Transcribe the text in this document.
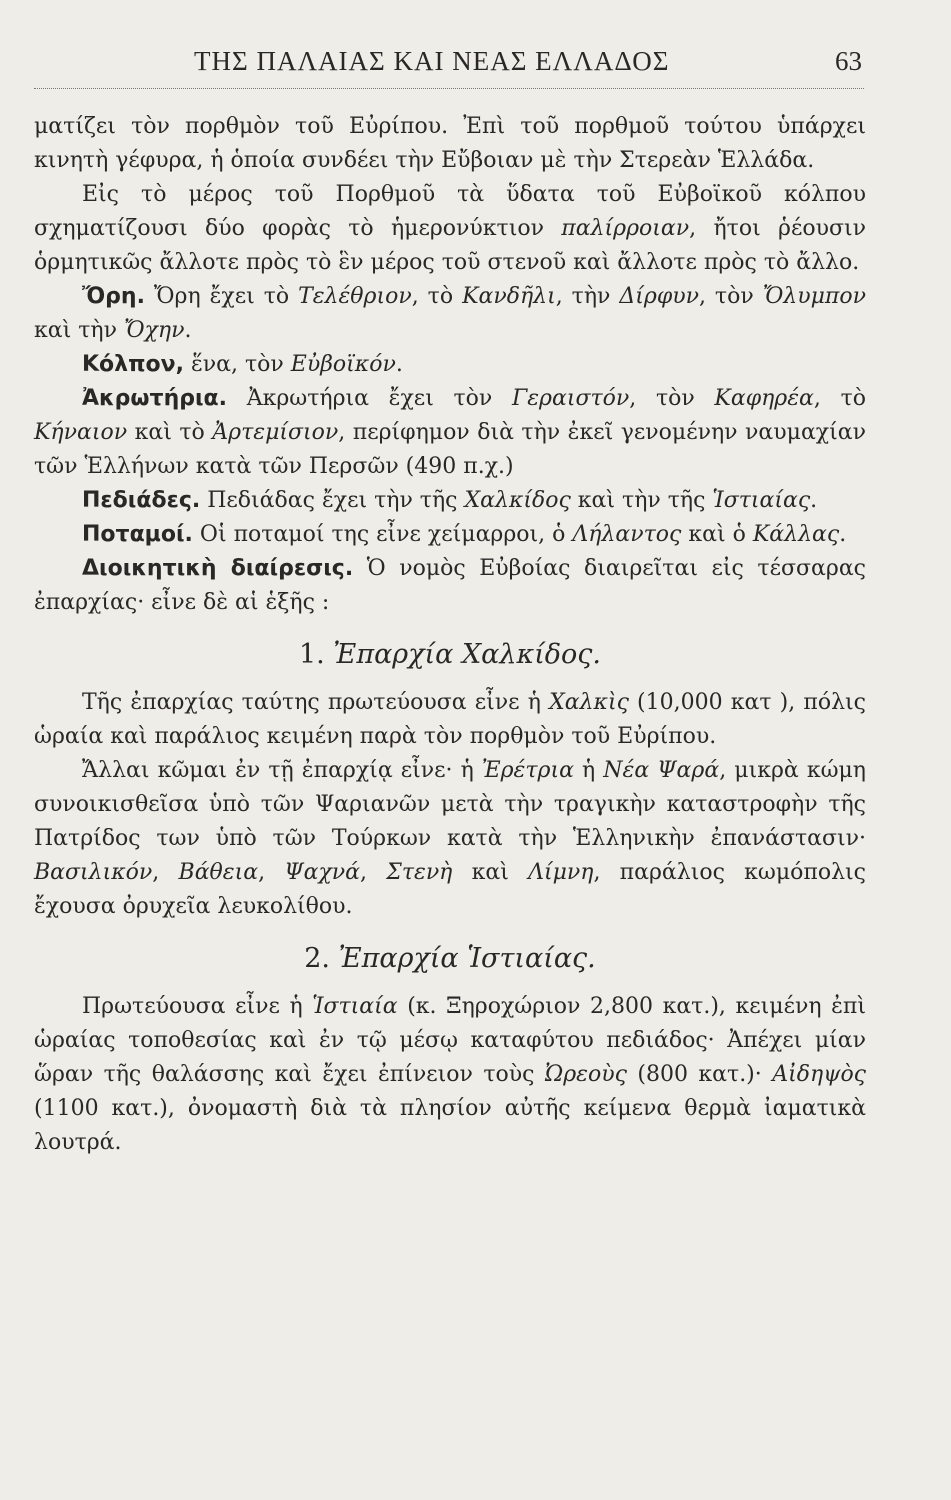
ΤΗΣ ΠΑΛΑΙΑΣ ΚΑΙ ΝΕΑΣ ΕΛΛΑΔΟΣ	63

ματίζει τὸν πορθμὸν τοῦ Εὐρίπου. Ἐπὶ τοῦ πορθμοῦ τούτου ὑπάρχει κινητὴ γέφυρα, ἡ ὁποία συνδέει τὴν Εὔβοιαν μὲ τὴν Στερεὰν Ἑλλάδα.

Εἰς τὸ μέρος τοῦ Πορθμοῦ τὰ ὕδατα τοῦ Εὐβοϊκοῦ κόλπου σχηματίζουσι δύο φορὰς τὸ ἡμερονύκτιον παλίρροιαν, ἤτοι ῥέουσιν ὁρμητικῶς ἄλλοτε πρὸς τὸ ἓν μέρος τοῦ στενοῦ καὶ ἄλλοτε πρὸς τὸ ἄλλο.

Ὄρη. Ὄρη ἔχει τὸ Τελέθριον, τὸ Κανδῆλι, τὴν Δίρφυν, τὸν Ὄλυμπον καὶ τὴν Ὄχην.

Κόλπον, ἕνα, τὸν Εὐβοϊκόν.

Ἀκρωτήρια. Ἀκρωτήρια ἔχει τὸν Γεραιστόν, τὸν Καφηρέα, τὸ Κήναιον καὶ τὸ Ἀρτεμίσιον, περίφημον διὰ τὴν ἐκεῖ γενομένην ναυμαχίαν τῶν Ἑλλήνων κατὰ τῶν Περσῶν (490 π.χ.)

Πεδιάδες. Πεδιάδας ἔχει τὴν τῆς Χαλκίδος καὶ τὴν τῆς Ἱστιαίας.

Ποταμοί. Οἱ ποταμοί της εἶνε χείμαρροι, ὁ Λήλαντος καὶ ὁ Κάλλας.

Διοικητικὴ διαίρεσις. Ὁ νομὸς Εὐβοίας διαιρεῖται εἰς τέσσαρας ἐπαρχίας· εἶνε δὲ αἱ ἑξῆς :

1. Ἐπαρχία Χαλκίδος.

Τῆς ἐπαρχίας ταύτης πρωτεύουσα εἶνε ἡ Χαλκὶς (10,000 κατ ), πόλις ὡραία καὶ παράλιος κειμένη παρὰ τὸν πορθμὸν τοῦ Εὐρίπου.

Ἄλλαι κῶμαι ἐν τῇ ἐπαρχίᾳ εἶνε· ἡ Ἐρέτρια ἡ Νέα Ψαρά, μικρὰ κώμη συνοικισθεῖσα ὑπὸ τῶν Ψαριανῶν μετὰ τὴν τραγικὴν καταστροφὴν τῆς Πατρίδος των ὑπὸ τῶν Τούρκων κατὰ τὴν Ἑλληνικὴν ἐπανάστασιν· Βασιλικόν, Βάθεια, Ψαχνά, Στενὴ καὶ Λίμνη, παράλιος κωμόπολις ἔχουσα ὀρυχεῖα λευκολίθου.

2. Ἐπαρχία Ἱστιαίας.

Πρωτεύουσα εἶνε ἡ Ἱστιαία (κ. Ξηροχώριον 2,800 κατ.), κειμένη ἐπὶ ὡραίας τοποθεσίας καὶ ἐν τῷ μέσῳ καταφύτου πεδιάδος· Ἀπέχει μίαν ὥραν τῆς θαλάσσης καὶ ἔχει ἐπίνειον τοὺς Ὠρεοὺς (800 κατ.)· Αἰδηψὸς (1100 κατ.), ὀνομαστὴ διὰ τὰ πλησίον αὐτῆς κείμενα θερμὰ ἰαματικὰ λουτρά.
